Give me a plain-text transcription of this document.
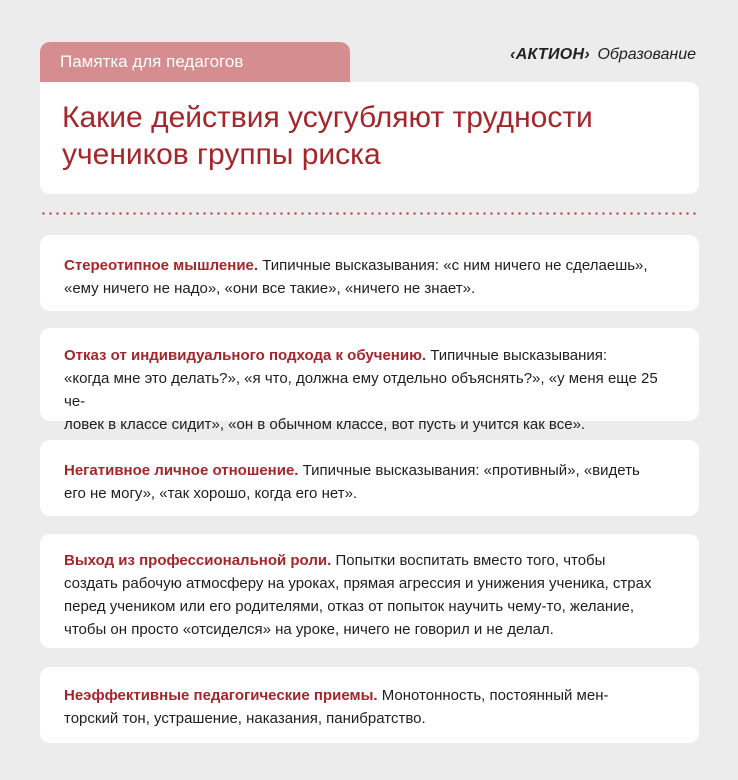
Памятка для педагогов	‹АКТИОН› Образование
Какие действия усугубляют трудности
учеников группы риска

Стереотипное мышление. Типичные высказывания: «с ним ничего не сделаешь»,
«ему ничего не надо», «они все такие», «ничего не знает».

Отказ от индивидуального подхода к обучению. Типичные высказывания:
«когда мне это делать?», «я что, должна ему отдельно объяснять?», «у меня еще 25 че-
ловек в классе сидит», «он в обычном классе, вот пусть и учится как все».

Негативное личное отношение. Типичные высказывания: «противный», «видеть
его не могу», «так хорошо, когда его нет».

Выход из профессиональной роли. Попытки воспитать вместо того, чтобы
создать рабочую атмосферу на уроках, прямая агрессия и унижения ученика, страх
перед учеником или его родителями, отказ от попыток научить чему-то, желание,
чтобы он просто «отсиделся» на уроке, ничего не говорил и не делал.

Неэффективные педагогические приемы. Монотонность, постоянный мен-
торский тон, устрашение, наказания, панибратство.
